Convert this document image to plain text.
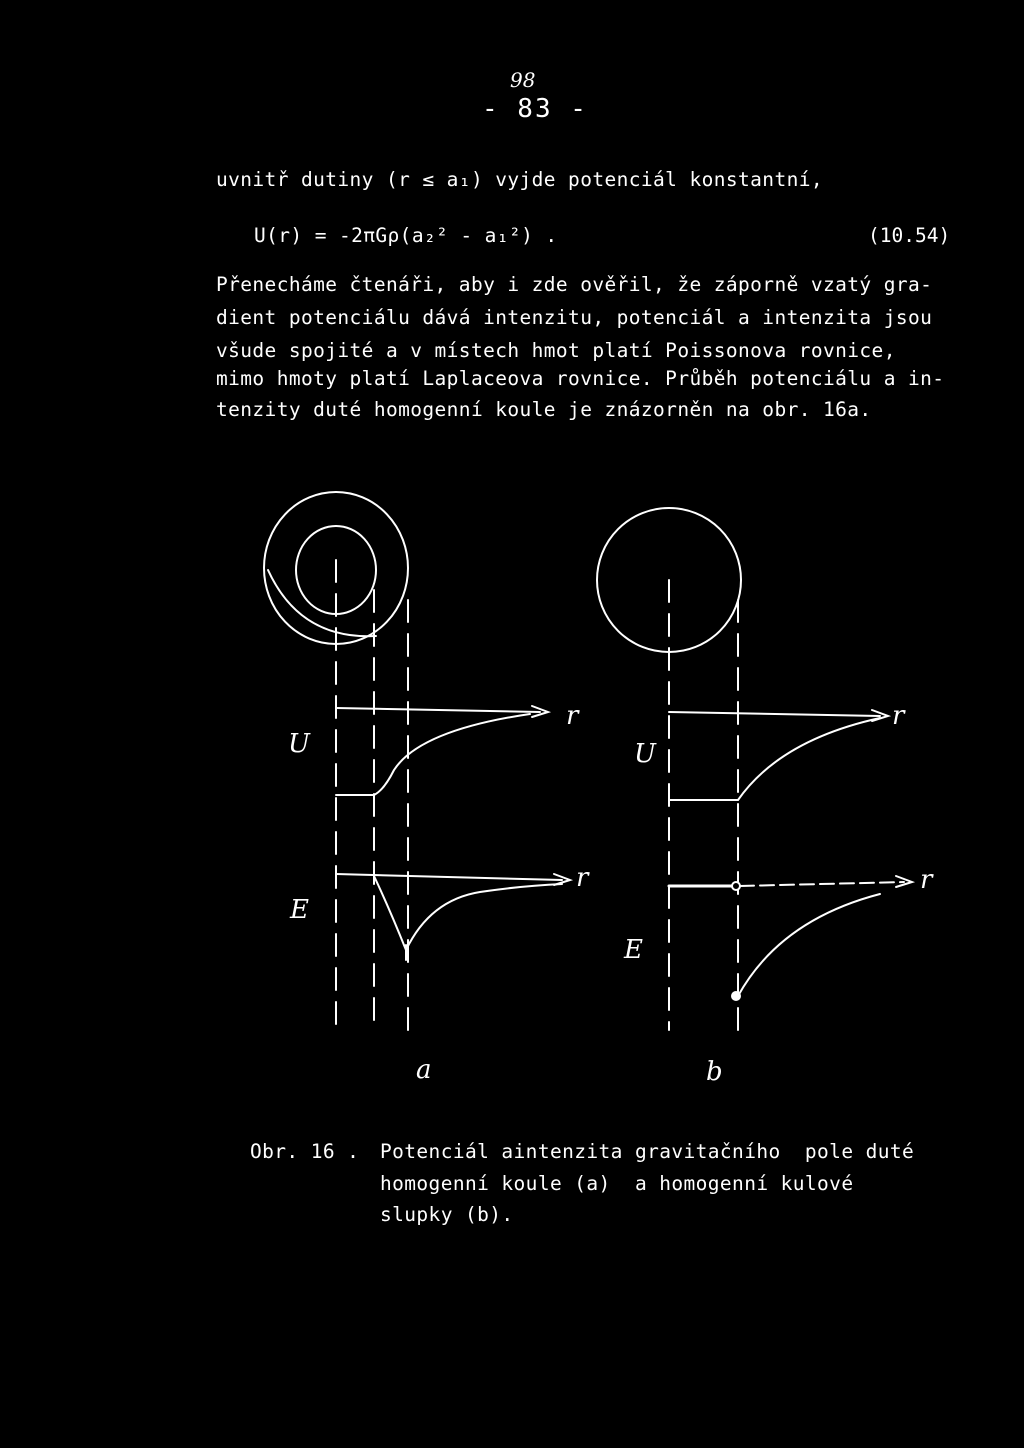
98
- 83 -
uvnitř dutiny (r ≤ a₁) vyjde potenciál konstantní,
U(r) = -2πGρ(a₂² - a₁²) .	(10.54)
Přenecháme čtenáři, aby i zde ověřil, že záporně vzatý gra-
dient potenciálu dává intenzitu, potenciál a intenzita jsou
všude spojité a v místech hmot platí Poissonova rovnice,
mimo hmoty platí Laplaceova rovnice. Průběh potenciálu a in-
tenzity duté homogenní koule je znázorněn na obr. 16a.
U
r
E
r
a
U
r
E
r
b
Obr. 16 . Potenciál aintenzita gravitačního  pole duté
homogenní koule (a)  a homogenní kulové
slupky (b).
